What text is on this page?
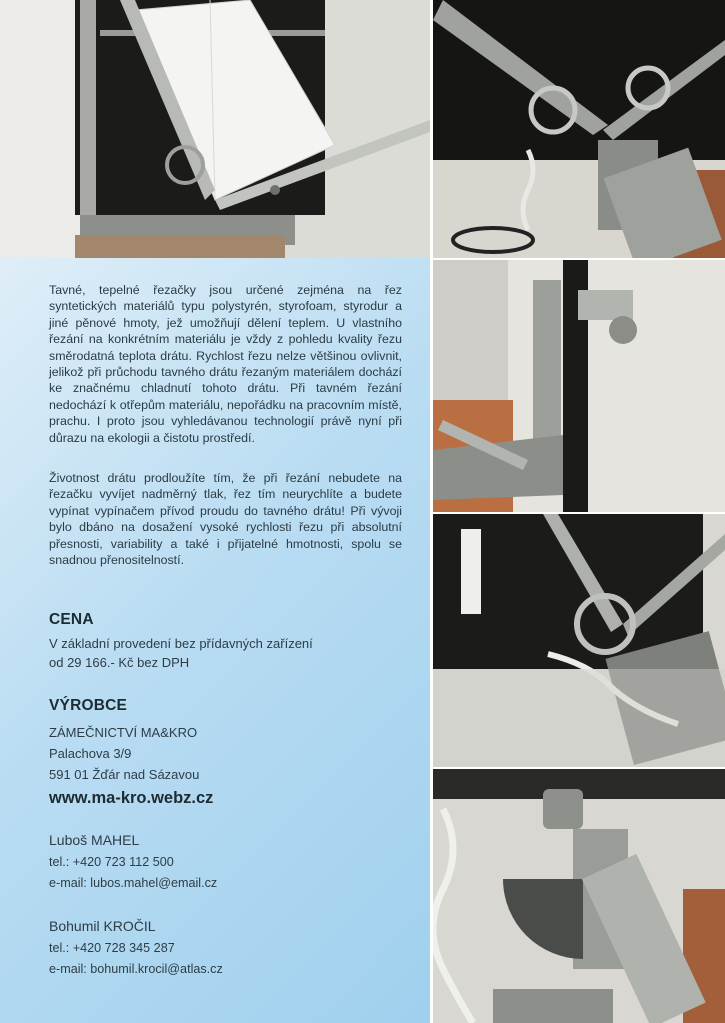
Tavné, tepelné řezačky jsou určené zejména na řez syntetických materiálů typu polystyrén, styrofoam, styrodur a jiné pěnové hmoty, jež umožňují dělení teplem. U vlastního řezání na konkrétním materiálu je vždy z pohledu kvality řezu směrodatná teplota drátu. Rychlost řezu nelze většinou ovlivnit, jelikož při průchodu tavného drátu řezaným materiálem dochází ke značnému chladnutí tohoto drátu. Při tavném řezání nedochází k otřepům materiálu, nepořádku na pracovním místě, prachu. I proto jsou vyhledávanou technologií právě nyní při důrazu na ekologii a čistotu prostředí.

Životnost drátu prodloužíte tím, že při řezání nebudete na řezačku vyvíjet nadměrný tlak, řez tím neurychlíte a budete vypínat vypínačem přívod proudu do tavného drátu! Při vývoji bylo dbáno na dosažení vysoké rychlosti řezu při absolutní přesnosti, variability a také i přijatelné hmotnosti, spolu se snadnou přenositelností.

CENA

V základní provedení bez přídavných zařízení

od 29 166.- Kč bez DPH

VÝROBCE

ZÁMEČNICTVÍ MA&KRO

Palachova 3/9

591 01 Žďár nad Sázavou

www.ma-kro.webz.cz

Luboš MAHEL

tel.: +420 723 112 500

e-mail: lubos.mahel@email.cz

Bohumil KROČIL

tel.: +420 728 345 287

e-mail: bohumil.krocil@atlas.cz
